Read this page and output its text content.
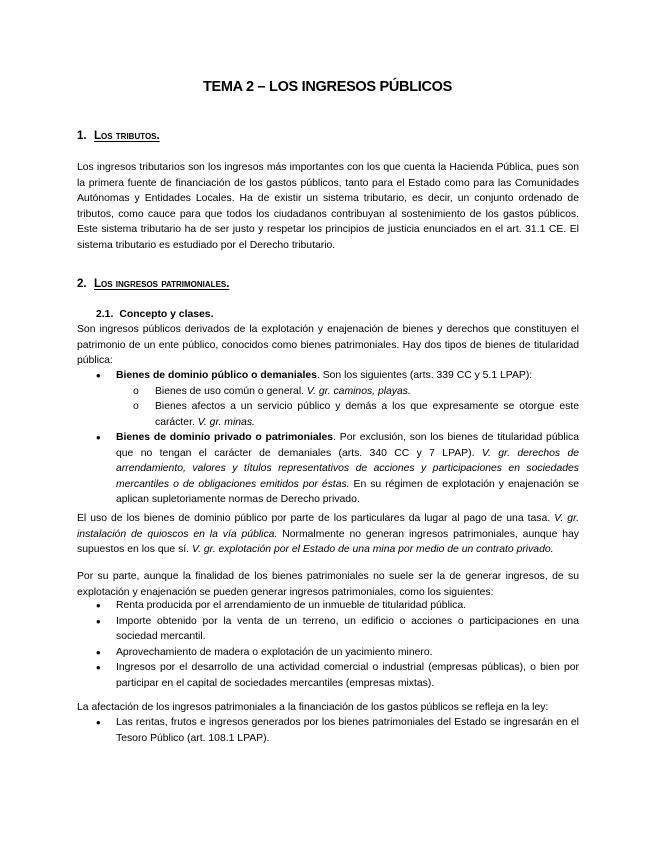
TEMA 2 – LOS INGRESOS PÚBLICOS
1. Los tributos.

Los ingresos tributarios son los ingresos más importantes con los que cuenta la Hacienda Pública, pues son la primera fuente de financiación de los gastos públicos, tanto para el Estado como para las Comunidades Autónomas y Entidades Locales. Ha de existir un sistema tributario, es decir, un conjunto ordenado de tributos, como cauce para que todos los ciudadanos contribuyan al sostenimiento de los gastos públicos. Este sistema tributario ha de ser justo y respetar los principios de justicia enunciados en el art. 31.1 CE. El sistema tributario es estudiado por el Derecho tributario.

2. Los ingresos patrimoniales.
2.1. Concepto y clases.

Son ingresos públicos derivados de la explotación y enajenación de bienes y derechos que constituyen el patrimonio de un ente público, conocidos como bienes patrimoniales. Hay dos tipos de bienes de titularidad pública:

• Bienes de dominio público o demaniales. Son los siguientes (arts. 339 CC y 5.1 LPAP):
o Bienes de uso común o general. V. gr. caminos, playas.
o Bienes afectos a un servicio público y demás a los que expresamente se otorgue este carácter. V. gr. minas.
• Bienes de dominio privado o patrimoniales. Por exclusión, son los bienes de titularidad pública que no tengan el carácter de demaniales (arts. 340 CC y 7 LPAP). V. gr. derechos de arrendamiento, valores y títulos representativos de acciones y participaciones en sociedades mercantiles o de obligaciones emitidos por éstas. En su régimen de explotación y enajenación se aplican supletoriamente normas de Derecho privado.

El uso de los bienes de dominio público por parte de los particulares da lugar al pago de una tasa. V. gr. instalación de quioscos en la vía pública. Normalmente no generan ingresos patrimoniales, aunque hay supuestos en los que sí. V. gr. explotación por el Estado de una mina por medio de un contrato privado.

Por su parte, aunque la finalidad de los bienes patrimoniales no suele ser la de generar ingresos, de su explotación y enajenación se pueden generar ingresos patrimoniales, como los siguientes:

• Renta producida por el arrendamiento de un inmueble de titularidad pública.
• Importe obtenido por la venta de un terreno, un edificio o acciones o participaciones en una sociedad mercantil.
• Aprovechamiento de madera o explotación de un yacimiento minero.
• Ingresos por el desarrollo de una actividad comercial o industrial (empresas públicas), o bien por participar en el capital de sociedades mercantiles (empresas mixtas).

La afectación de los ingresos patrimoniales a la financiación de los gastos públicos se refleja en la ley:

• Las rentas, frutos e ingresos generados por los bienes patrimoniales del Estado se ingresarán en el Tesoro Público (art. 108.1 LPAP).
